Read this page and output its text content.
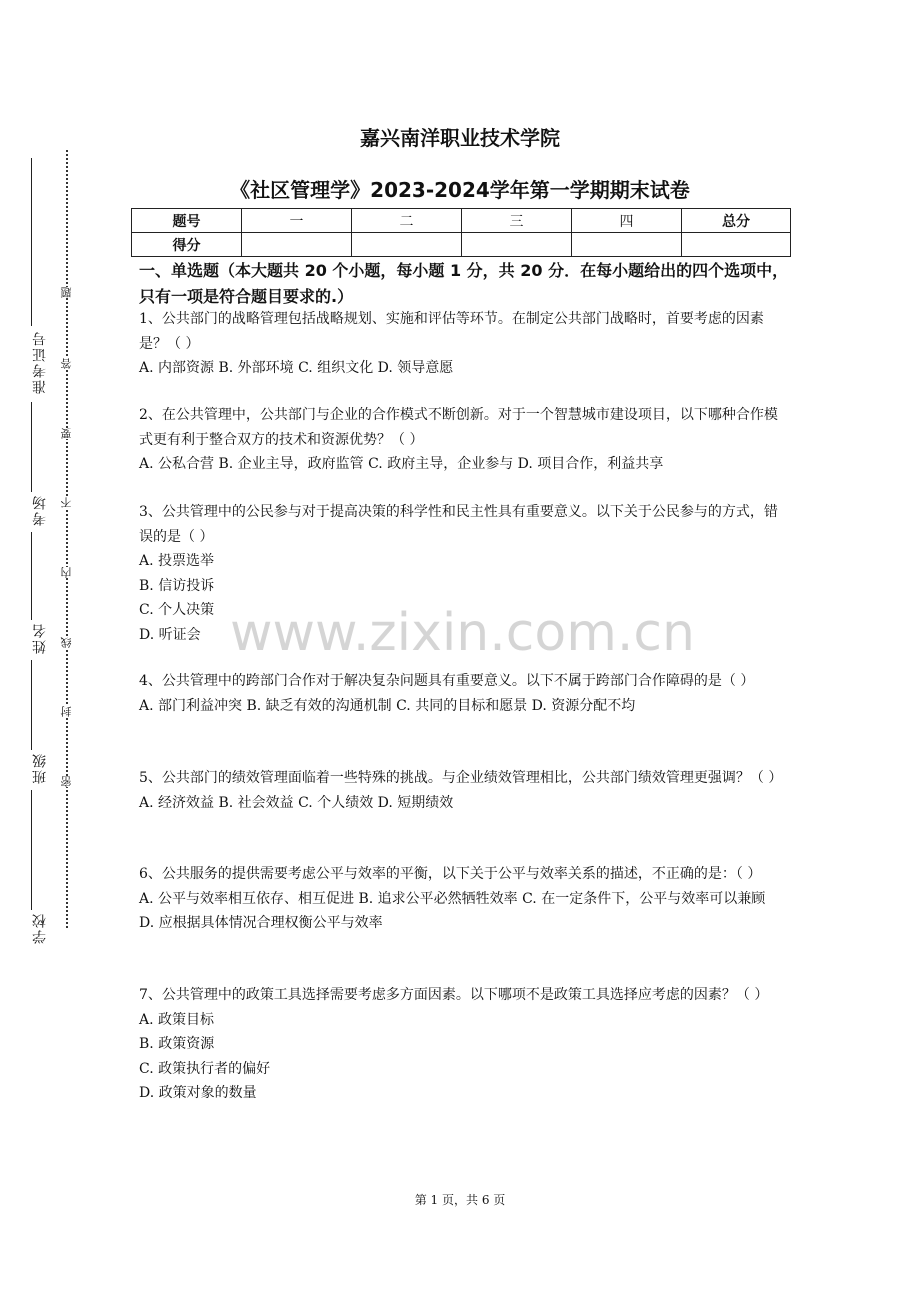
准考证号
考场
姓名
班级
学校
题
答
要
不
内
线
封
密
嘉兴南洋职业技术学院
《社区管理学》2023-2024学年第一学期期末试卷
题号	一	二	三	四	总分
得分					
一、单选题（本大题共 20 个小题，每小题 1 分，共 20 分．在每小题给出的四个选项中，只有一项是符合题目要求的.）

1、公共部门的战略管理包括战略规划、实施和评估等环节。在制定公共部门战略时，首要考虑的因素是？（ ）

A. 内部资源 B. 外部环境 C. 组织文化 D. 领导意愿

2、在公共管理中，公共部门与企业的合作模式不断创新。对于一个智慧城市建设项目，以下哪种合作模式更有利于整合双方的技术和资源优势？（ ）

A. 公私合营 B. 企业主导，政府监管 C. 政府主导，企业参与 D. 项目合作，利益共享

3、公共管理中的公民参与对于提高决策的科学性和民主性具有重要意义。以下关于公民参与的方式，错误的是（ ）

A. 投票选举

B. 信访投诉

C. 个人决策

D. 听证会

4、公共管理中的跨部门合作对于解决复杂问题具有重要意义。以下不属于跨部门合作障碍的是（ ）

A. 部门利益冲突 B. 缺乏有效的沟通机制 C. 共同的目标和愿景 D. 资源分配不均

5、公共部门的绩效管理面临着一些特殊的挑战。与企业绩效管理相比，公共部门绩效管理更强调？（ ）

A. 经济效益 B. 社会效益 C. 个人绩效 D. 短期绩效

6、公共服务的提供需要考虑公平与效率的平衡，以下关于公平与效率关系的描述，不正确的是：（ ）

A. 公平与效率相互依存、相互促进 B. 追求公平必然牺牲效率 C. 在一定条件下，公平与效率可以兼顾 D. 应根据具体情况合理权衡公平与效率

7、公共管理中的政策工具选择需要考虑多方面因素。以下哪项不是政策工具选择应考虑的因素？（ ）

A. 政策目标

B. 政策资源

C. 政策执行者的偏好

D. 政策对象的数量

www.zixin.com.cn
第 1 页，共 6 页
